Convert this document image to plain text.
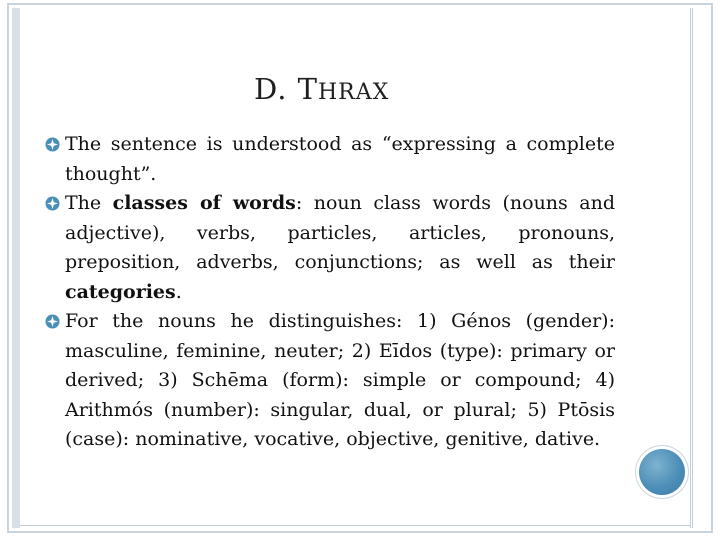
D. THRAX
The sentence is understood as “expressing a complete thought”.
The classes of words: noun class words (nouns and adjective), verbs, particles, articles, pronouns, preposition, adverbs, conjunctions; as well as their categories.
For the nouns he distinguishes: 1) Génos (gender): masculine, feminine, neuter; 2) Eīdos (type): primary or derived; 3) Schēma (form): simple or compound; 4) Arithmós (number): singular, dual, or plural; 5) Ptōsis (case): nominative, vocative, objective, genitive, dative.
